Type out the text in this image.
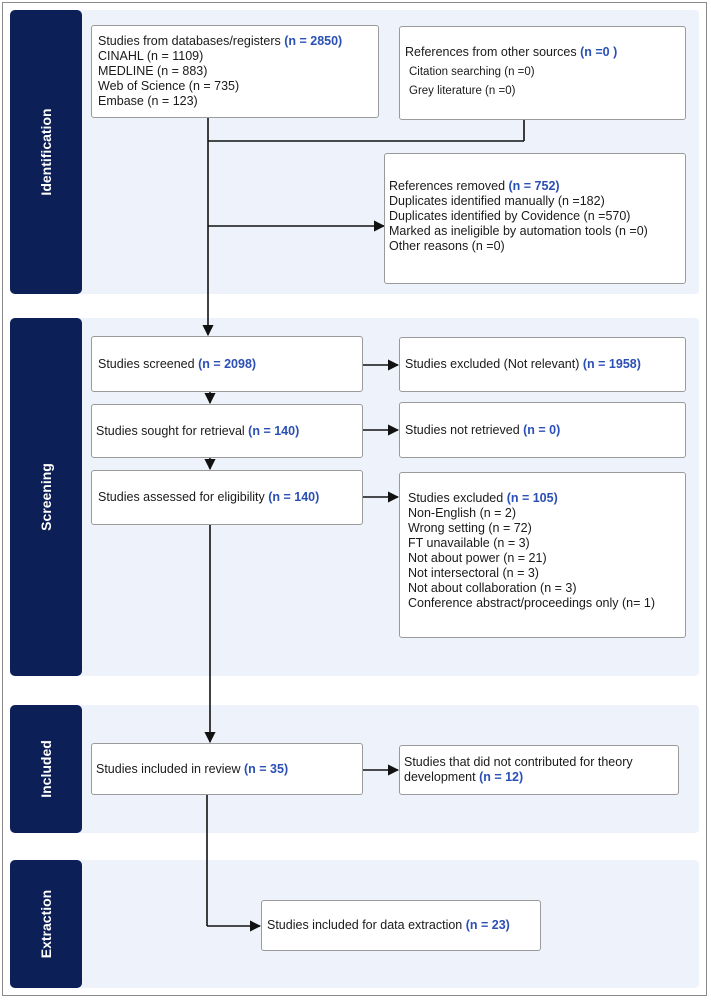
Identification
Screening
Included
Extraction
Studies from databases/registers (n = 2850)
CINAHL (n = 1109)
MEDLINE (n = 883)
Web of Science (n = 735)
Embase (n = 123)
References from other sources (n =0 )
Citation searching (n =0)
Grey literature (n =0)
References removed (n = 752)
Duplicates identified manually (n =182)
Duplicates identified by Covidence (n =570)
Marked as ineligible by automation tools (n =0)
Other reasons (n =0)
Studies screened (n = 2098)	Studies excluded (Not relevant) (n = 1958)
Studies sought for retrieval (n = 140)	Studies not retrieved (n = 0)
Studies assessed for eligibility (n = 140)	Studies excluded (n = 105)
Non-English (n = 2)
Wrong setting (n = 72)
FT unavailable (n = 3)
Not about power (n = 21)
Not intersectoral (n = 3)
Not about collaboration (n = 3)
Conference abstract/proceedings only (n= 1)
Studies included in review (n = 35)	Studies that did not contributed for theory
development (n = 12)
Studies included for data extraction (n = 23)
